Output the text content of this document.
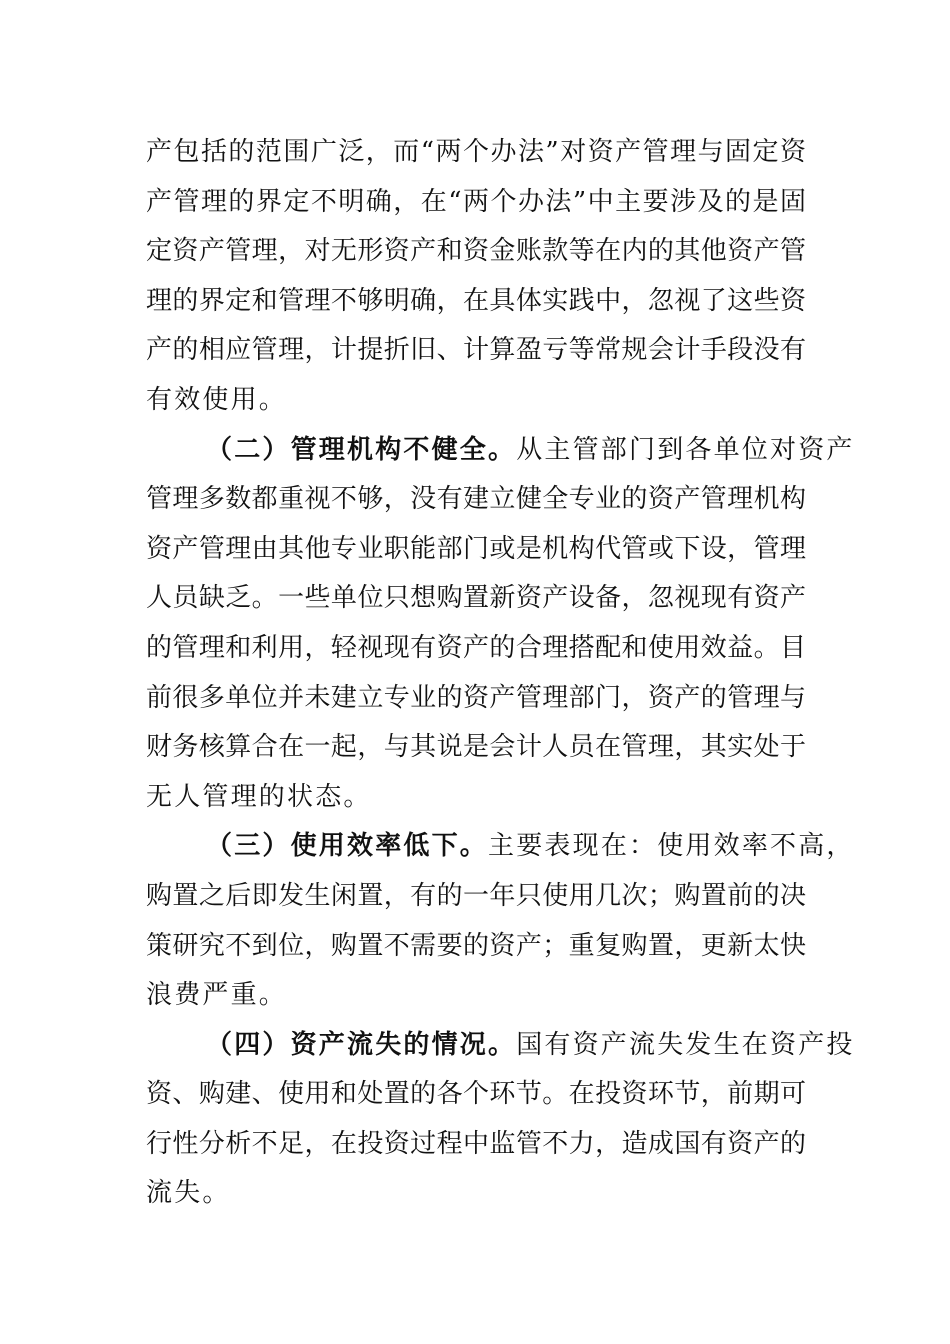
产包括的范围广泛，而“两个办法”对资产管理与固定资
产管理的界定不明确，在“两个办法”中主要涉及的是固
定资产管理，对无形资产和资金账款等在内的其他资产管
理的界定和管理不够明确，在具体实践中，忽视了这些资
产的相应管理，计提折旧、计算盈亏等常规会计手段没有
有效使用。
（二）管理机构不健全。从主管部门到各单位对资产
管理多数都重视不够，没有建立健全专业的资产管理机构
资产管理由其他专业职能部门或是机构代管或下设，管理
人员缺乏。一些单位只想购置新资产设备，忽视现有资产
的管理和利用，轻视现有资产的合理搭配和使用效益。目
前很多单位并未建立专业的资产管理部门，资产的管理与
财务核算合在一起，与其说是会计人员在管理，其实处于
无人管理的状态。
（三）使用效率低下。主要表现在：使用效率不高，
购置之后即发生闲置，有的一年只使用几次；购置前的决
策研究不到位，购置不需要的资产；重复购置，更新太快
浪费严重。
（四）资产流失的情况。国有资产流失发生在资产投
资、购建、使用和处置的各个环节。在投资环节，前期可
行性分析不足，在投资过程中监管不力，造成国有资产的
流失。
